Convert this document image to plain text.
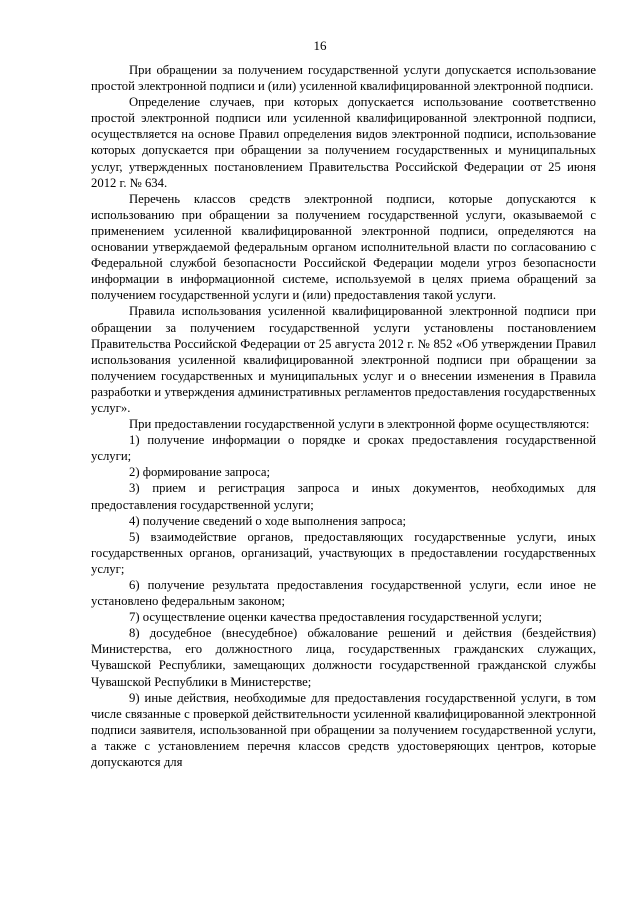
16

При обращении за получением государственной услуги допускается использование простой электронной подписи и (или) усиленной квалифицированной электронной подписи.

Определение случаев, при которых допускается использование соответственно простой электронной подписи или усиленной квалифицированной электронной подписи, осуществляется на основе Правил определения видов электронной подписи, использование которых допускается при обращении за получением государственных и муниципальных услуг, утвержденных постановлением Правительства Российской Федерации от 25 июня 2012 г. № 634.

Перечень классов средств электронной подписи, которые допускаются к использованию при обращении за получением государственной услуги, оказываемой с применением усиленной квалифицированной электронной подписи, определяются на основании утверждаемой федеральным органом исполнительной власти по согласованию с Федеральной службой безопасности Российской Федерации модели угроз безопасности информации в информационной системе, используемой в целях приема обращений за получением государственной услуги и (или) предоставления такой услуги.

Правила использования усиленной квалифицированной электронной подписи при обращении за получением государственной услуги установлены постановлением Правительства Российской Федерации от 25 августа 2012 г. № 852 «Об утверждении Правил использования усиленной квалифицированной электронной подписи при обращении за получением государственных и муниципальных услуг и о внесении изменения в Правила разработки и утверждения административных регламентов предоставления государственных услуг».

При предоставлении государственной услуги в электронной форме осуществляются:

1) получение информации о порядке и сроках предоставления государственной услуги;

2) формирование запроса;

3) прием и регистрация запроса и иных документов, необходимых для предоставления государственной услуги;

4) получение сведений о ходе выполнения запроса;

5) взаимодействие органов, предоставляющих государственные услуги, иных государственных органов, организаций, участвующих в предоставлении государственных услуг;

6) получение результата предоставления государственной услуги, если иное не установлено федеральным законом;

7) осуществление оценки качества предоставления государственной услуги;

8) досудебное (внесудебное) обжалование решений и действия (бездействия) Министерства, его должностного лица, государственных гражданских служащих, Чувашской Республики, замещающих должности государственной гражданской службы Чувашской Республики в Министерстве;

9) иные действия, необходимые для предоставления государственной услуги, в том числе связанные с проверкой действительности усиленной квалифицированной электронной подписи заявителя, использованной при обращении за получением государственной услуги, а также с установлением перечня классов средств удостоверяющих центров, которые допускаются для
